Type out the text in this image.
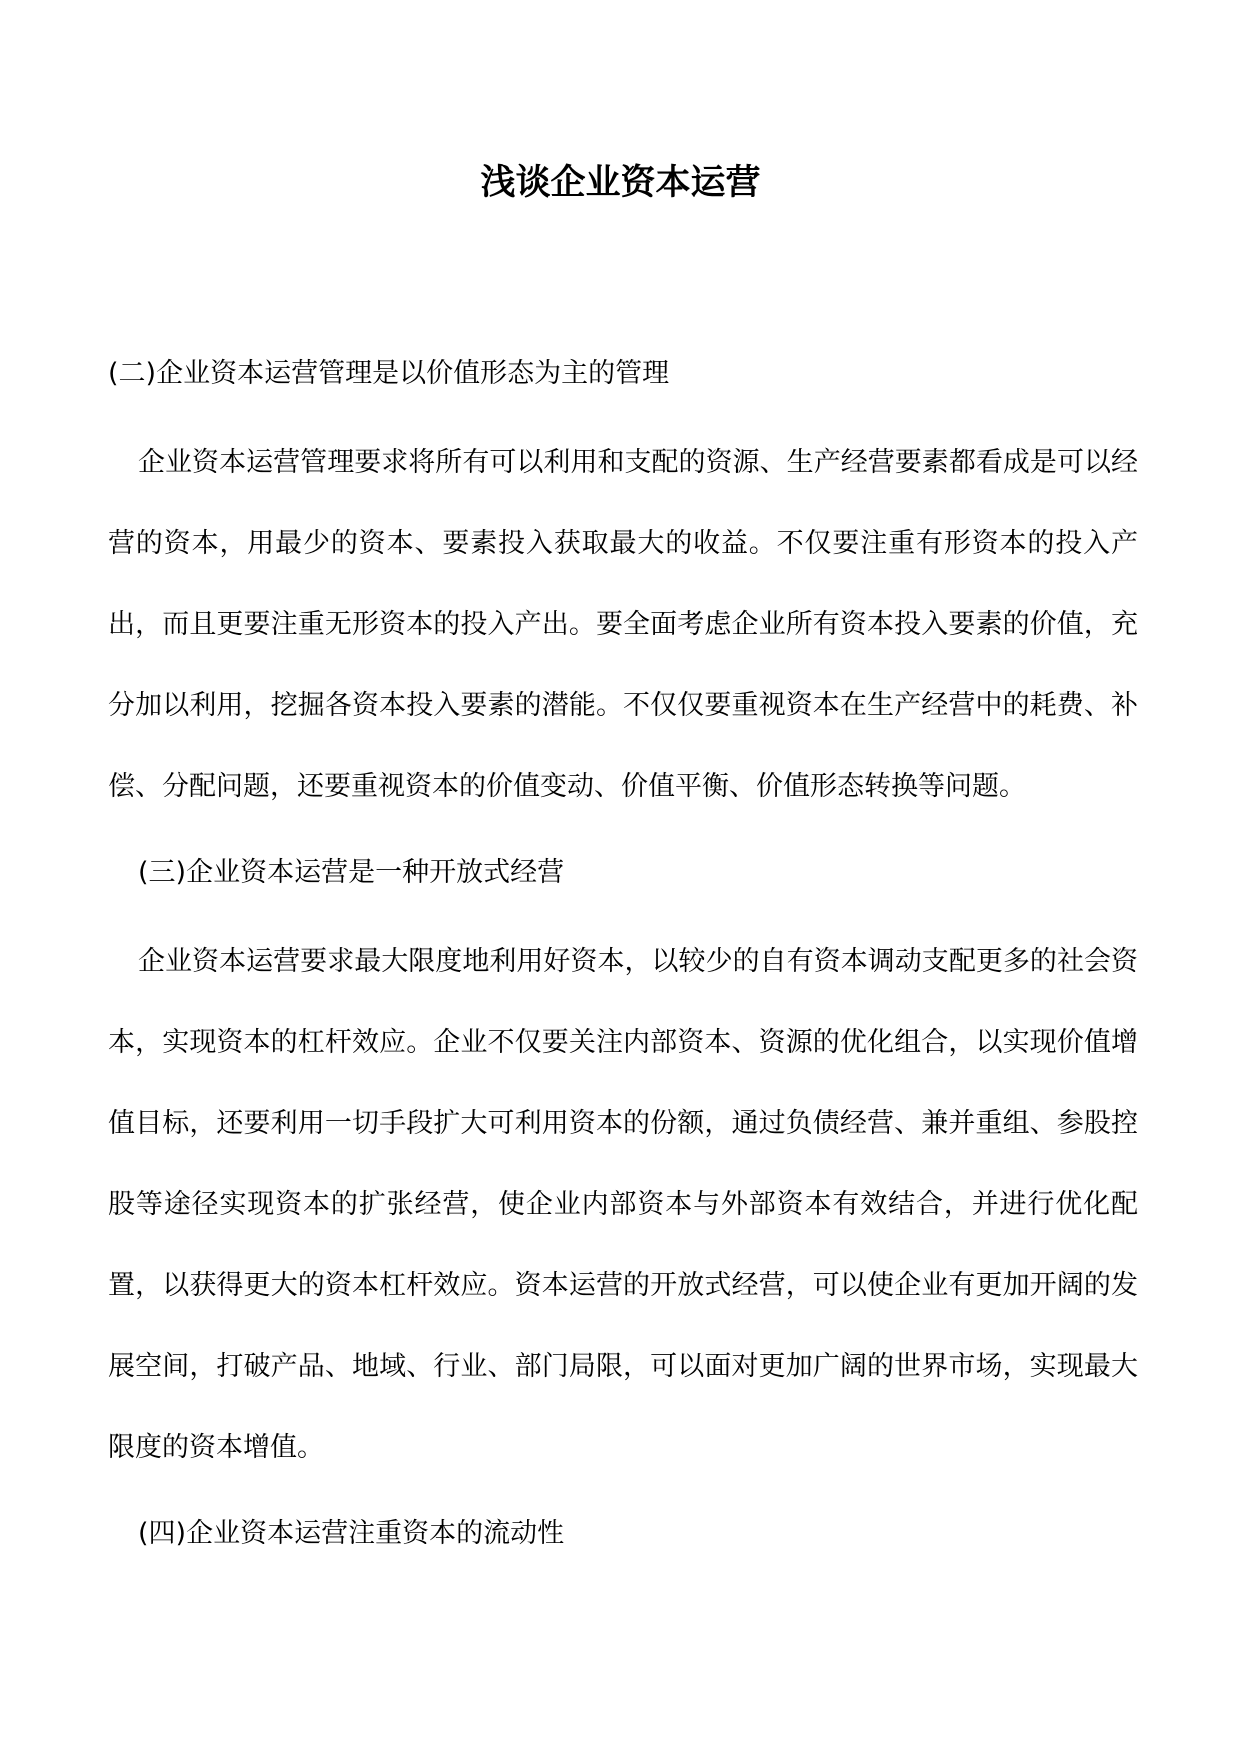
浅谈企业资本运营
(二)企业资本运营管理是以价值形态为主的管理

企业资本运营管理要求将所有可以利用和支配的资源、生产经营要素都看成是可以经营的资本，用最少的资本、要素投入获取最大的收益。不仅要注重有形资本的投入产出，而且更要注重无形资本的投入产出。要全面考虑企业所有资本投入要素的价值，充分加以利用，挖掘各资本投入要素的潜能。不仅仅要重视资本在生产经营中的耗费、补偿、分配问题，还要重视资本的价值变动、价值平衡、价值形态转换等问题。

(三)企业资本运营是一种开放式经营

企业资本运营要求最大限度地利用好资本，以较少的自有资本调动支配更多的社会资本，实现资本的杠杆效应。企业不仅要关注内部资本、资源的优化组合，以实现价值增值目标，还要利用一切手段扩大可利用资本的份额，通过负债经营、兼并重组、参股控股等途径实现资本的扩张经营，使企业内部资本与外部资本有效结合，并进行优化配置，以获得更大的资本杠杆效应。资本运营的开放式经营，可以使企业有更加开阔的发展空间，打破产品、地域、行业、部门局限，可以面对更加广阔的世界市场，实现最大限度的资本增值。

(四)企业资本运营注重资本的流动性
